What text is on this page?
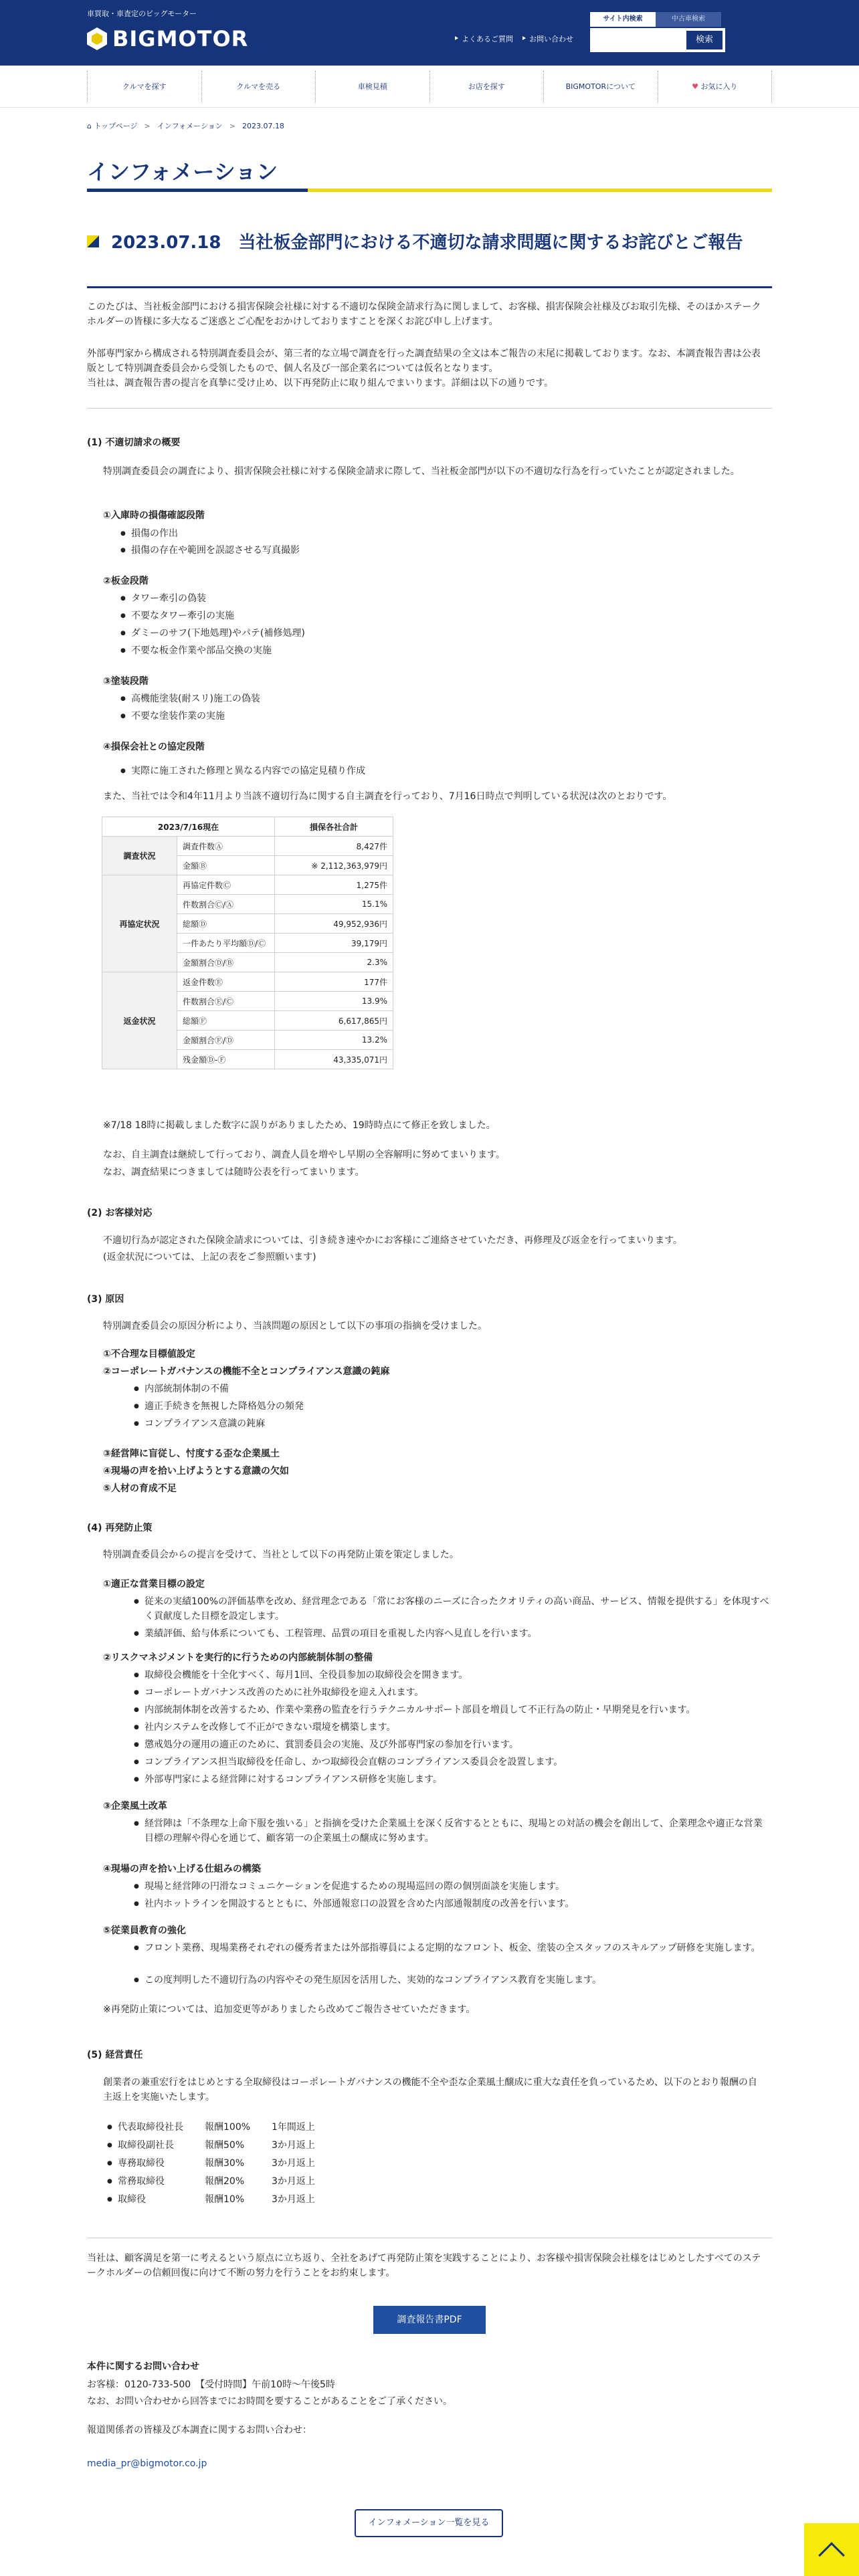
車買取・車査定のビッグモーター
BIGMOTOR	よくあるご質問	お問い合わせ
サイト内検索	中古車検索
検索
クルマを探す	クルマを売る	車検見積	お店を探す	BIGMOTORについて	♥ お気に入り
⌂ トップページ > インフォメーション > 2023.07.18
インフォメーション
2023.07.18　当社板金部門における不適切な請求問題に関するお詫びとご報告
このたびは、当社板金部門における損害保険会社様に対する不適切な保険金請求行為に関しまして、お客様、損害保険会社様及びお取引先様、そのほかステークホルダーの皆様に多大なるご迷惑とご心配をおかけしておりますことを深くお詫び申し上げます。
外部専門家から構成される特別調査委員会が、第三者的な立場で調査を行った調査結果の全文は本ご報告の末尾に掲載しております。なお、本調査報告書は公表版として特別調査委員会から受領したもので、個人名及び一部企業名については仮名となります。
当社は、調査報告書の提言を真摯に受け止め、以下再発防止に取り組んでまいります。詳細は以下の通りです。
(1) 不適切請求の概要
特別調査委員会の調査により、損害保険会社様に対する保険金請求に際して、当社板金部門が以下の不適切な行為を行っていたことが認定されました。
①入庫時の損傷確認段階
● 損傷の作出
● 損傷の存在や範囲を誤認させる写真撮影
②板金段階
● タワー牽引の偽装
● 不要なタワー牽引の実施
● ダミーのサフ(下地処理)やパテ(補修処理)
● 不要な板金作業や部品交換の実施
③塗装段階
● 高機能塗装(耐スリ)施工の偽装
● 不要な塗装作業の実施
④損保会社との協定段階
● 実際に施工された修理と異なる内容での協定見積り作成
また、当社では令和4年11月より当該不適切行為に関する自主調査を行っており、7月16日時点で判明している状況は次のとおりです。
2023/7/16現在		損保各社合計
調査状況	調査件数Ⓐ	8,427件
	金額Ⓑ	※ 2,112,363,979円
再協定状況	再協定件数Ⓒ	1,275件
	件数割合Ⓒ/Ⓐ	15.1%
	総額Ⓓ	49,952,936円
	一件あたり平均額Ⓓ/Ⓒ	39,179円
	金額割合Ⓓ/Ⓑ	2.3%
返金状況	返金件数Ⓔ	177件
	件数割合Ⓔ/Ⓒ	13.9%
	総額Ⓕ	6,617,865円
	金額割合Ⓕ/Ⓓ	13.2%
	残金額Ⓓ-Ⓕ	43,335,071円
※7/18 18時に掲載しました数字に誤りがありましたため、19時時点にて修正を致しました。
なお、自主調査は継続して行っており、調査人員を増やし早期の全容解明に努めてまいります。
なお、調査結果につきましては随時公表を行ってまいります。
(2) お客様対応
不適切行為が認定された保険金請求については、引き続き速やかにお客様にご連絡させていただき、再修理及び返金を行ってまいります。
(返金状況については、上記の表をご参照願います)
(3) 原因
特別調査委員会の原因分析により、当該問題の原因として以下の事項の指摘を受けました。
①不合理な目標値設定
②コーポレートガバナンスの機能不全とコンプライアンス意識の鈍麻
● 内部統制体制の不備
● 適正手続きを無視した降格処分の頻発
● コンプライアンス意識の鈍麻
③経営陣に盲従し、忖度する歪な企業風土
④現場の声を拾い上げようとする意識の欠如
⑤人材の育成不足
(4) 再発防止策
特別調査委員会からの提言を受けて、当社として以下の再発防止策を策定しました。
①適正な営業目標の設定
● 従来の実績100%の評価基準を改め、経営理念である「常にお客様のニーズに合ったクオリティの高い商品、サービス、情報を提供する」を体現すべく貢献度した目標を設定します。
● 業績評価、給与体系についても、工程管理、品質の項目を重視した内容へ見直しを行います。
②リスクマネジメントを実行的に行うための内部統制体制の整備
● 取締役会機能を十全化すべく、毎月1回、全役員参加の取締役会を開きます。
● コーポレートガバナンス改善のために社外取締役を迎え入れます。
● 内部統制体制を改善するため、作業や業務の監査を行うテクニカルサポート部員を増員して不正行為の防止・早期発見を行います。
● 社内システムを改修して不正ができない環境を構築します。
● 懲戒処分の運用の適正のために、賞罰委員会の実施、及び外部専門家の参加を行います。
● コンプライアンス担当取締役を任命し、かつ取締役会直轄のコンプライアンス委員会を設置します。
● 外部専門家による経営陣に対するコンプライアンス研修を実施します。
③企業風土改革
● 経営陣は「不条理な上命下服を強いる」と指摘を受けた企業風土を深く反省するとともに、現場との対話の機会を創出して、企業理念や適正な営業目標の理解や得心を通じて、顧客第一の企業風土の醸成に努めます。
④現場の声を拾い上げる仕組みの構築
● 現場と経営陣の円滑なコミュニケーションを促進するための現場巡回の際の個別面談を実施します。
● 社内ホットラインを開設するとともに、外部通報窓口の設置を含めた内部通報制度の改善を行います。
⑤従業員教育の強化
● フロント業務、現場業務それぞれの優秀者または外部指導員による定期的なフロント、板金、塗装の全スタッフのスキルアップ研修を実施します。
● この度判明した不適切行為の内容やその発生原因を活用した、実効的なコンプライアンス教育を実施します。
※再発防止策については、追加変更等がありましたら改めてご報告させていただきます。
(5) 経営責任
創業者の兼重宏行をはじめとする全取締役はコーポレートガバナンスの機能不全や歪な企業風土醸成に重大な責任を負っているため、以下のとおり報酬の自主返上を実施いたします。
● 代表取締役社長 報酬100% 1年間返上
● 取締役副社長	報酬50%	3か月返上
● 専務取締役	報酬30%	3か月返上
● 常務取締役	報酬20%	3か月返上
● 取締役	報酬10%	3か月返上
当社は、顧客満足を第一に考えるという原点に立ち返り、全社をあげて再発防止策を実践することにより、お客様や損害保険会社様をはじめとしたすべてのステークホルダーの信頼回復に向けて不断の努力を行うことをお約束します。
調査報告書PDF
本件に関するお問い合わせ
お客様：0120-733-500　【受付時間】午前10時〜午後5時
なお、お問い合わせから回答までにお時間を要することがあることをご了承ください。
報道関係者の皆様及び本調査に関するお問い合わせ：
media_pr@bigmotor.co.jp
インフォメーション一覧を見る
